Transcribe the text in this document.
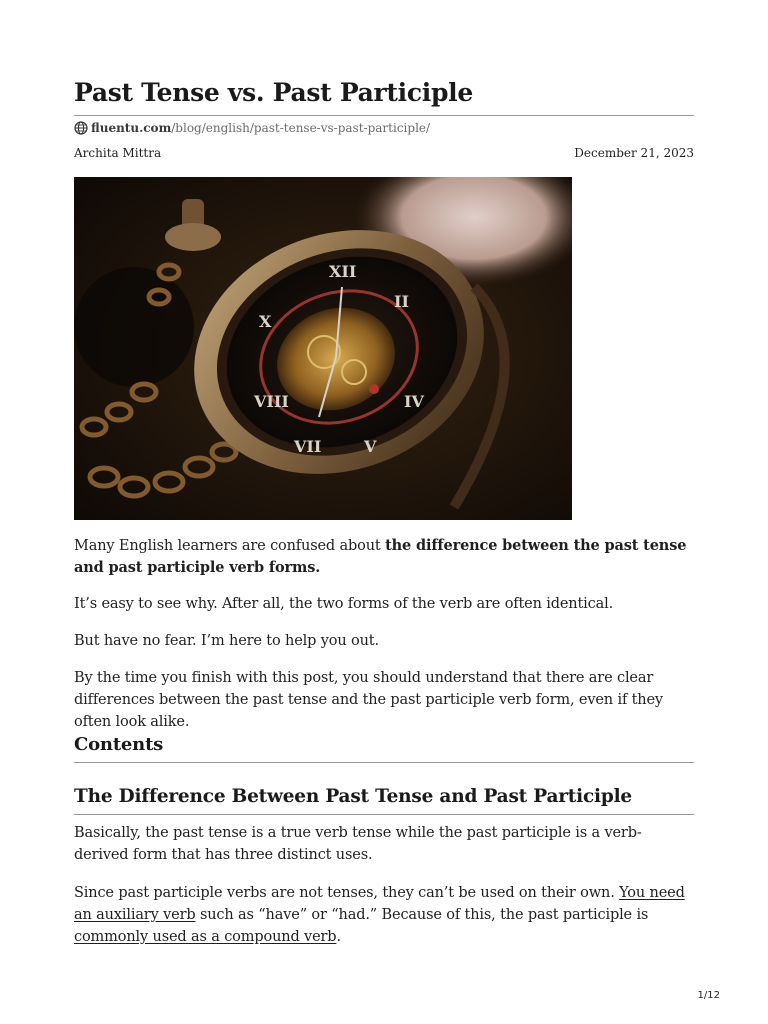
Past Tense vs. Past Participle
fluentu.com /blog/english/past-tense-vs-past-participle/
Archita Mittra	December 21, 2023
XII
X
VIII
VII	V
IV
II

Many English learners are confused about the difference between the past tense and past participle verb forms.

It’s easy to see why. After all, the two forms of the verb are often identical.

But have no fear. I’m here to help you out.

By the time you finish with this post, you should understand that there are clear differences between the past tense and the past participle verb form, even if they often look alike.

Contents
The Difference Between Past Tense and Past Participle

Basically, the past tense is a true verb tense while the past participle is a verb-derived form that has three distinct uses.

Since past participle verbs are not tenses, they can’t be used on their own. You need an auxiliary verb such as “have” or “had.” Because of this, the past participle is commonly used as a compound verb.

1/12
